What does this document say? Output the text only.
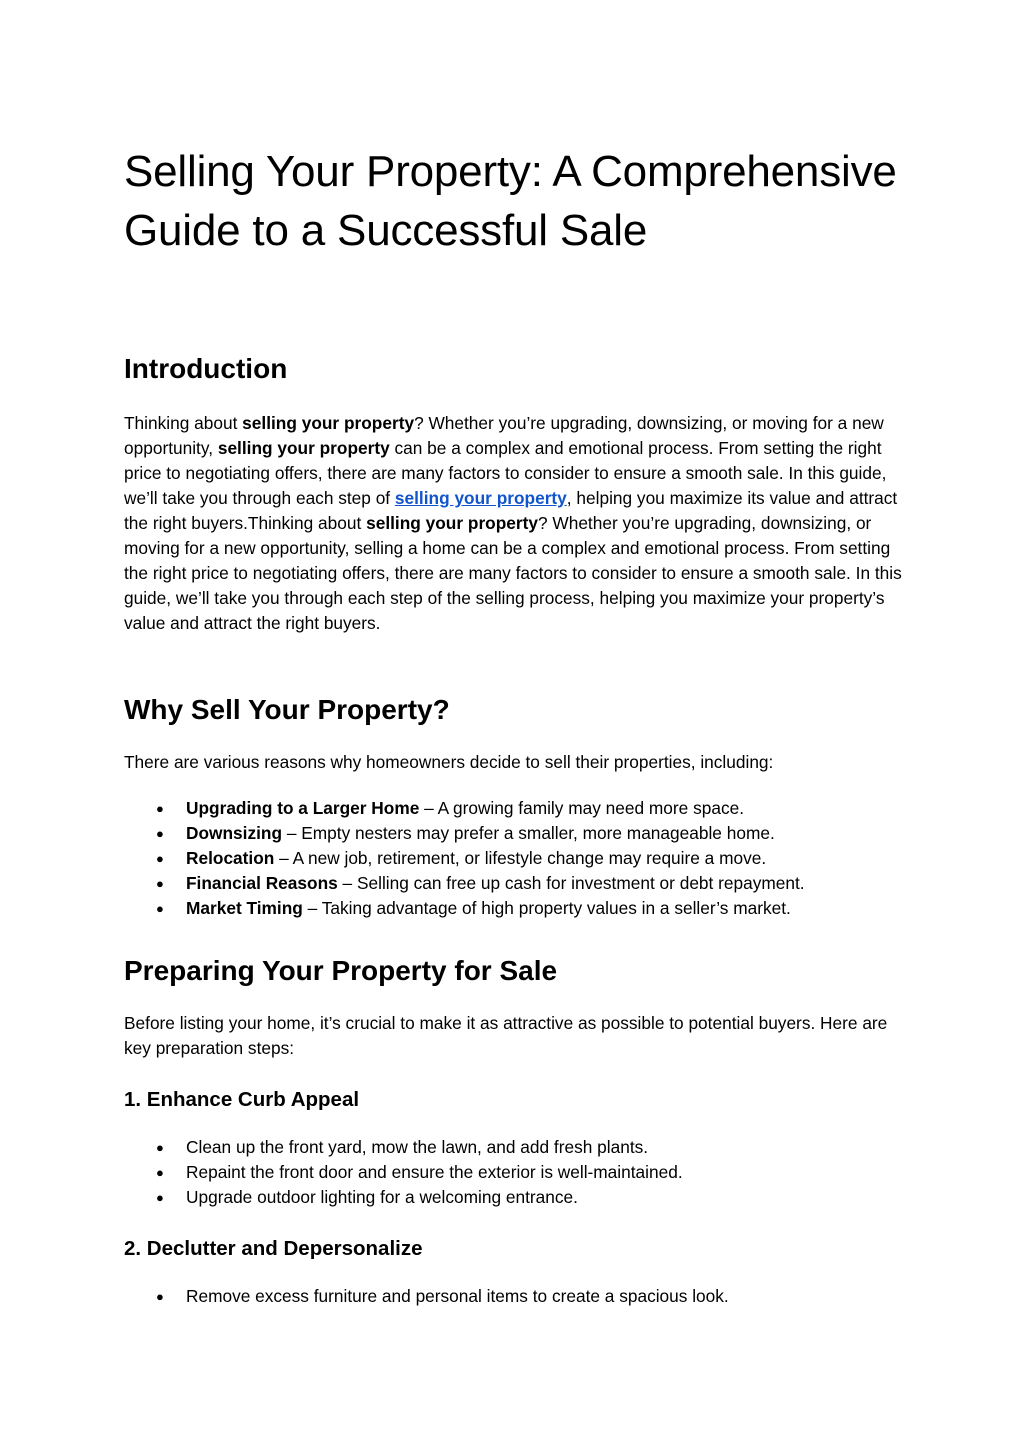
Selling Your Property: A Comprehensive Guide to a Successful Sale
Introduction

Thinking about selling your property? Whether you’re upgrading, downsizing, or moving for a new opportunity, selling your property can be a complex and emotional process. From setting the right price to negotiating offers, there are many factors to consider to ensure a smooth sale. In this guide, we’ll take you through each step of selling your property, helping you maximize its value and attract the right buyers.Thinking about selling your property? Whether you’re upgrading, downsizing, or moving for a new opportunity, selling a home can be a complex and emotional process. From setting the right price to negotiating offers, there are many factors to consider to ensure a smooth sale. In this guide, we’ll take you through each step of the selling process, helping you maximize your property’s value and attract the right buyers.

Why Sell Your Property?

There are various reasons why homeowners decide to sell their properties, including:

● Upgrading to a Larger Home – A growing family may need more space.
● Downsizing – Empty nesters may prefer a smaller, more manageable home.
● Relocation – A new job, retirement, or lifestyle change may require a move.
● Financial Reasons – Selling can free up cash for investment or debt repayment.
● Market Timing – Taking advantage of high property values in a seller’s market.
Preparing Your Property for Sale

Before listing your home, it’s crucial to make it as attractive as possible to potential buyers. Here are key preparation steps:

1. Enhance Curb Appeal
● Clean up the front yard, mow the lawn, and add fresh plants.
● Repaint the front door and ensure the exterior is well-maintained.
● Upgrade outdoor lighting for a welcoming entrance.
2. Declutter and Depersonalize
● Remove excess furniture and personal items to create a spacious look.
